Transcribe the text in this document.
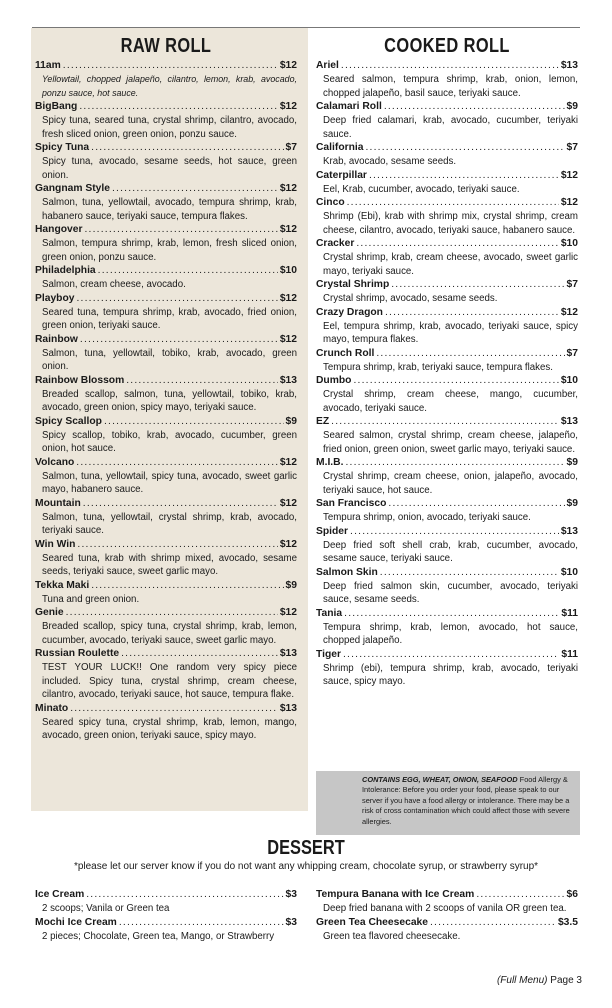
RAW ROLL
11am .....	$12
Yellowtail, chopped jalapeño, cilantro, lemon, krab, avocado, ponzu sauce, hot sauce.
BigBang .....	$12
Spicy tuna, seared tuna, crystal shrimp, cilantro, avocado, fresh sliced onion, green onion, ponzu sauce.
Spicy Tuna .....	$7
Spicy tuna, avocado, sesame seeds, hot sauce, green onion.
Gangnam Style .....	$12
Salmon, tuna, yellowtail, avocado, tempura shrimp, krab, habanero sauce, teriyaki sauce, tempura flakes.
Hangover .....	$12
Salmon, tempura shrimp, krab, lemon, fresh sliced onion, green onion, ponzu sauce.
Philadelphia .....	$10
Salmon, cream cheese, avocado.
Playboy .....	$12
Seared tuna, tempura shrimp, krab, avocado, fried onion, green onion, teriyaki sauce.
Rainbow .....	$12
Salmon, tuna, yellowtail, tobiko, krab, avocado, green onion.
Rainbow Blossom .....	$13
Breaded scallop, salmon, tuna, yellowtail, tobiko, krab, avocado, green onion, spicy mayo, teriyaki sauce.
Spicy Scallop .....	$9
Spicy scallop, tobiko, krab, avocado, cucumber, green onion, hot sauce.
Volcano .....	$12
Salmon, tuna, yellowtail, spicy tuna, avocado, sweet garlic mayo, habanero sauce.
Mountain .....	$12
Salmon, tuna, yellowtail, crystal shrimp, krab, avocado, teriyaki sauce.
Win Win .....	$12
Seared tuna, krab with shrimp mixed, avocado, sesame seeds, teriyaki sauce, sweet garlic mayo.
Tekka Maki .....	$9
Tuna and green onion.
Genie .....	$12
Breaded scallop, spicy tuna, crystal shrimp, krab, lemon, cucumber, avocado, teriyaki sauce, sweet garlic mayo.
Russian Roulette .....	$13
TEST YOUR LUCK!! One random very spicy piece included. Spicy tuna, crystal shrimp, cream cheese, cilantro, avocado, teriyaki sauce, hot sauce, tempura flake.
Minato .....	$13
Seared spicy tuna, crystal shrimp, krab, lemon, mango, avocado, green onion, teriyaki sauce, spicy mayo.
COOKED ROLL
Ariel .....	$13
Seared salmon, tempura shrimp, krab, onion, lemon, chopped jalapeño, basil sauce, teriyaki sauce.
Calamari Roll .....	$9
Deep fried calamari, krab, avocado, cucumber, teriyaki sauce.
California .....	$7
Krab, avocado, sesame seeds.
Caterpillar .....	$12
Eel, Krab, cucumber, avocado, teriyaki sauce.
Cinco .....	$12
Shrimp (Ebi), krab with shrimp mix, crystal shrimp, cream cheese, cilantro, avocado, teriyaki sauce, habanero sauce.
Cracker .....	$10
Crystal shrimp, krab, cream cheese, avocado, sweet garlic mayo, teriyaki sauce.
Crystal Shrimp .....	$7
Crystal shrimp, avocado, sesame seeds.
Crazy Dragon .....	$12
Eel, tempura shrimp, krab, avocado, teriyaki sauce, spicy mayo, tempura flakes.
Crunch Roll .....	$7
Tempura shrimp, krab, teriyaki sauce, tempura flakes.
Dumbo .....	$10
Crystal shrimp, cream cheese, mango, cucumber, avocado, teriyaki sauce.
EZ .....	$13
Seared salmon, crystal shrimp, cream cheese, jalapeño, fried onion, green onion, sweet garlic mayo, teriyaki sauce.
M.I.B. .....	$9
Crystal shrimp, cream cheese, onion, jalapeño, avocado, teriyaki sauce, hot sauce.
San Francisco .....	$9
Tempura shrimp, onion, avocado, teriyaki sauce.
Spider .....	$13
Deep fried soft shell crab, krab, cucumber, avocado, sesame sauce, teriyaki sauce.
Salmon Skin .....	$10
Deep fried salmon skin, cucumber, avocado, teriyaki sauce, sesame seeds.
Tania .....	$11
Tempura shrimp, krab, lemon, avocado, hot sauce, chopped jalapeño.
Tiger .....	$11
Shrimp (ebi), tempura shrimp, krab, avocado, teriyaki sauce, spicy mayo.
CONTAINS EGG, WHEAT, ONION, SEAFOOD Food Allergy & Intolerance: Before you order your food, please speak to our server if you have a food allergy or intolerance. There may be a risk of cross contamination which could affect those with severe allergies.
DESSERT
*please let our server know if you do not want any whipping cream, chocolate syrup, or strawberry syrup*
Ice Cream .....	$3
2 scoops; Vanila or Green tea
Mochi Ice Cream .....	$3
2 pieces; Chocolate, Green tea, Mango, or Strawberry
Tempura Banana with Ice Cream .....	$6
Deep fried banana with 2 scoops of vanila OR green tea.
Green Tea Cheesecake .....	$3.5
Green tea flavored cheesecake.
(Full Menu) Page 3
